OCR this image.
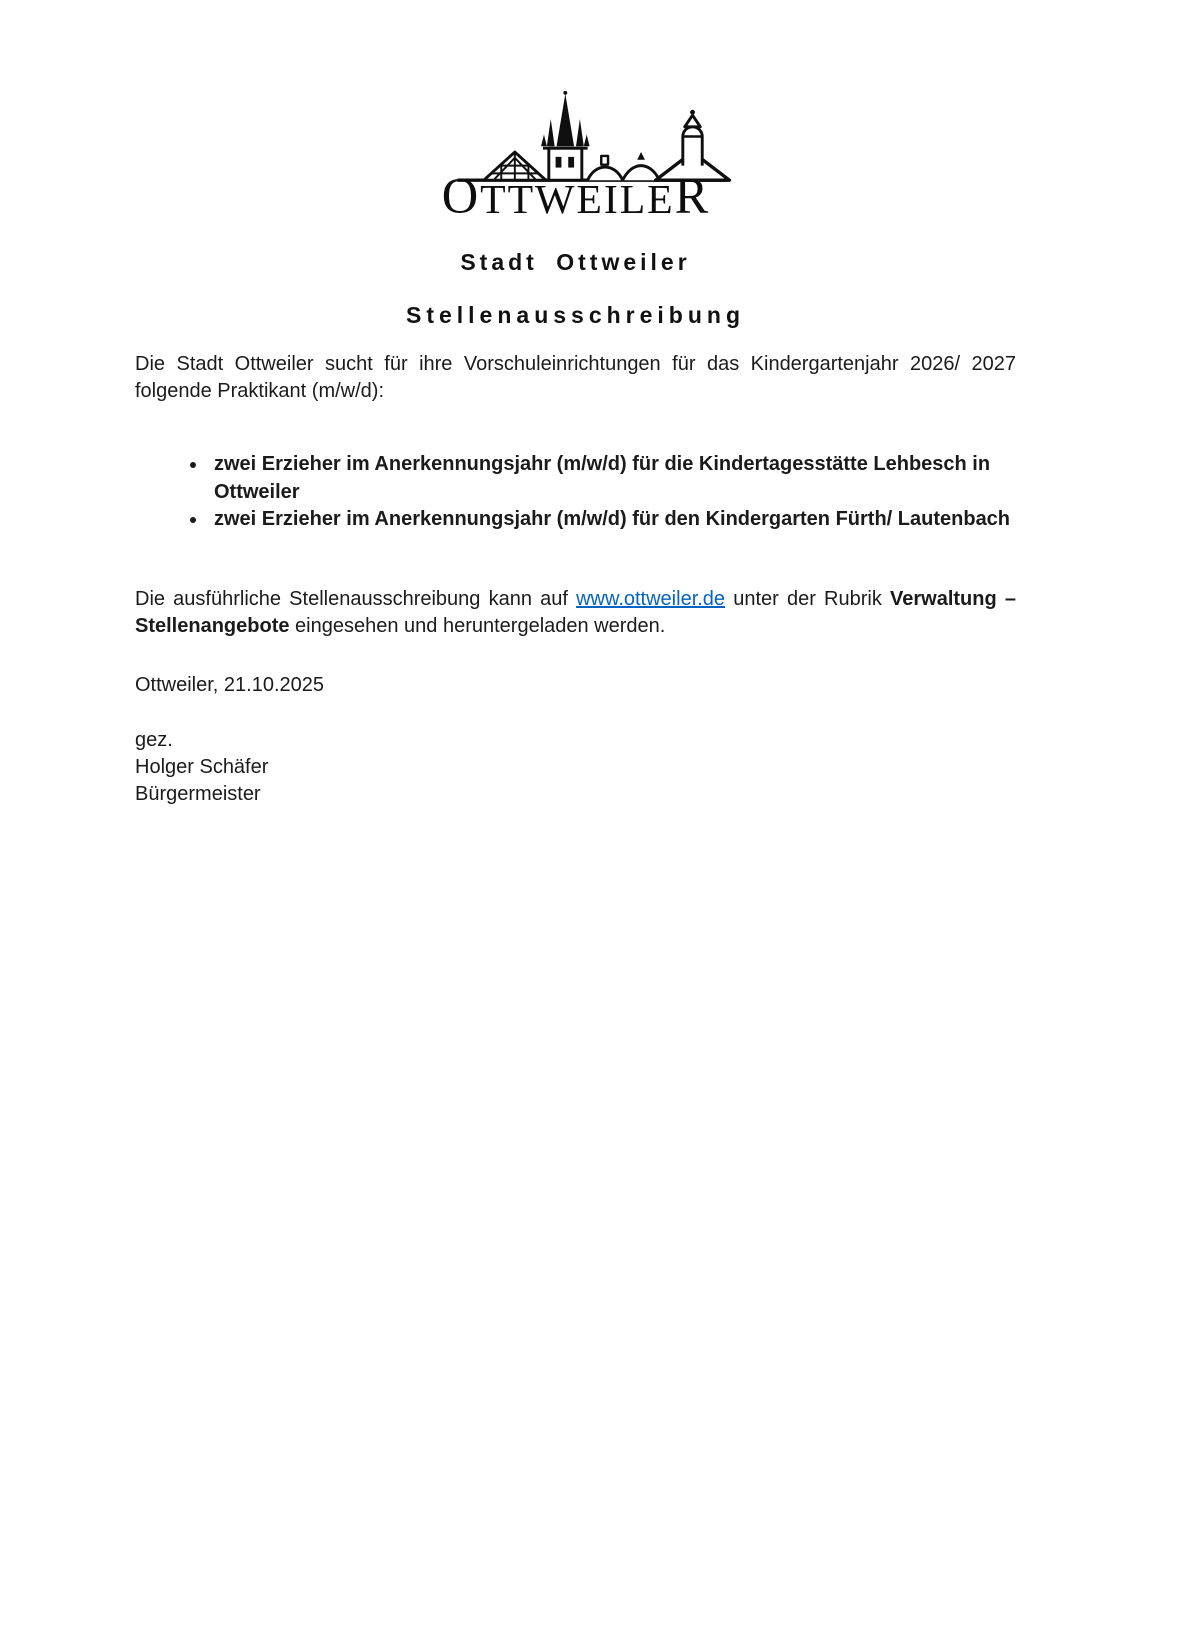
OTTWEILER
Stadt Ottweiler
Stellenausschreibung

Die Stadt Ottweiler sucht für ihre Vorschuleinrichtungen für das Kindergartenjahr 2026/ 2027 folgende Praktikant (m/w/d):

• zwei Erzieher im Anerkennungsjahr (m/w/d) für die Kindertagesstätte Lehbesch in Ottweiler
• zwei Erzieher im Anerkennungsjahr (m/w/d) für den Kindergarten Fürth/ Lautenbach

Die ausführliche Stellenausschreibung kann auf www.ottweiler.de unter der Rubrik Verwaltung – Stellenangebote eingesehen und heruntergeladen werden.

Ottweiler, 21.10.2025

gez.
Holger Schäfer
Bürgermeister
